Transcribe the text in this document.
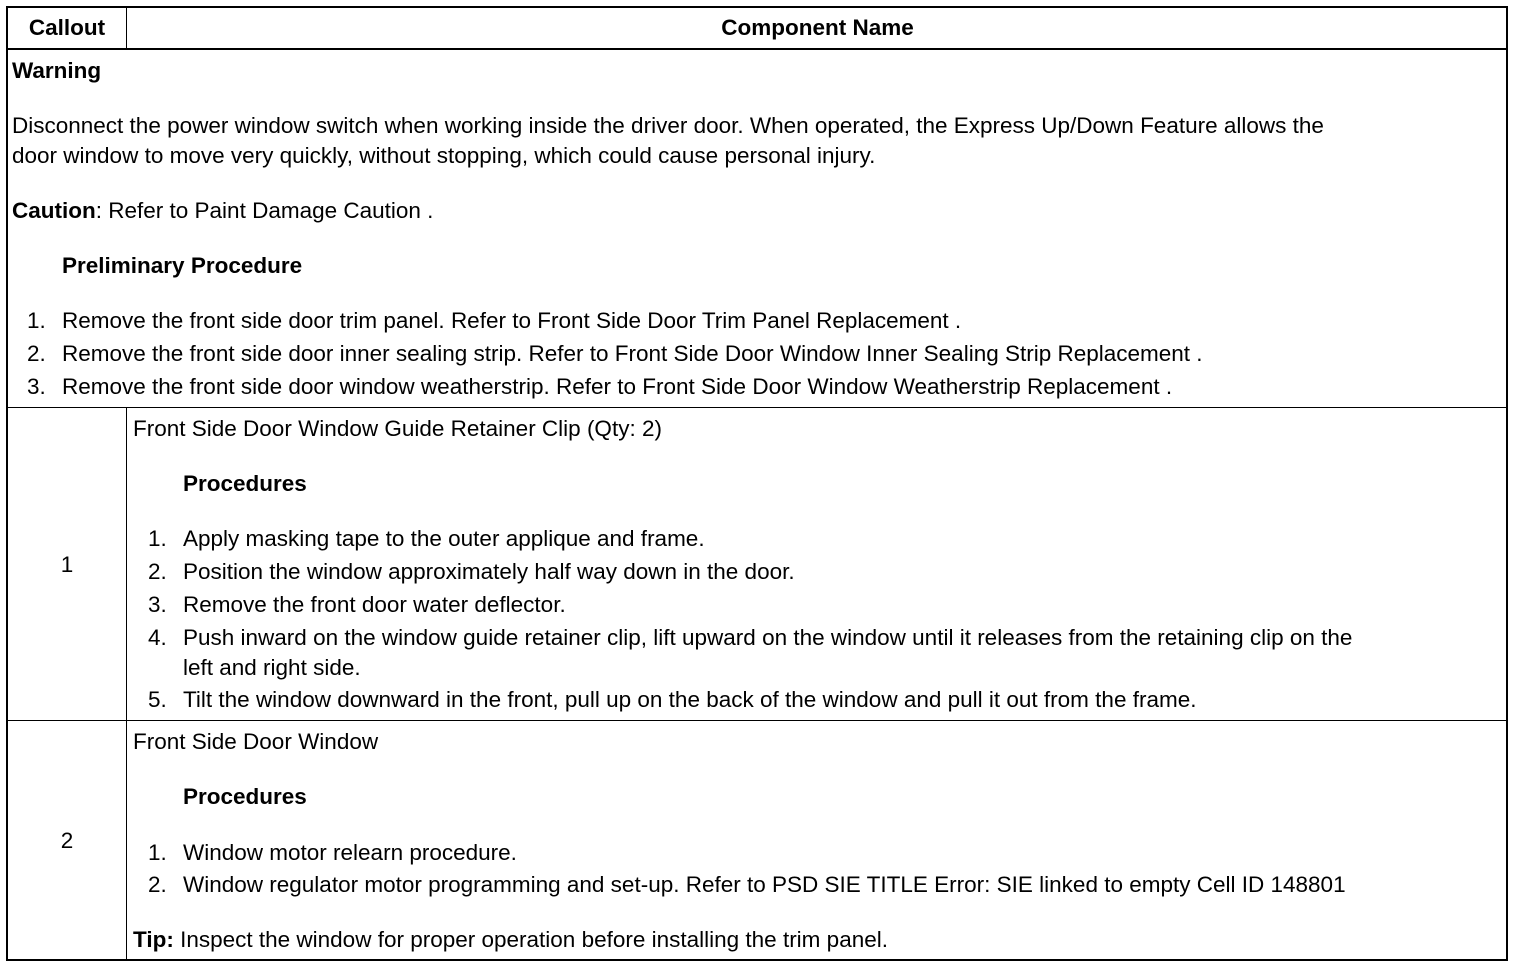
Callout	Component Name
Warning
Disconnect the power window switch when working inside the driver door. When operated, the Express Up/Down Feature allows the
door window to move very quickly, without stopping, which could cause personal injury.
Caution: Refer to Paint Damage Caution .
Preliminary Procedure
1. Remove the front side door trim panel. Refer to Front Side Door Trim Panel Replacement .
2. Remove the front side door inner sealing strip. Refer to Front Side Door Window Inner Sealing Strip Replacement .
3. Remove the front side door window weatherstrip. Refer to Front Side Door Window Weatherstrip Replacement .
1
Front Side Door Window Guide Retainer Clip (Qty: 2)
Procedures
1. Apply masking tape to the outer applique and frame.
2. Position the window approximately half way down in the door.
3. Remove the front door water deflector.
4. Push inward on the window guide retainer clip, lift upward on the window until it releases from the retaining clip on the
left and right side.
5. Tilt the window downward in the front, pull up on the back of the window and pull it out from the frame.
2
Front Side Door Window
Procedures
1. Window motor relearn procedure.
2. Window regulator motor programming and set-up. Refer to PSD SIE TITLE Error: SIE linked to empty Cell ID 148801
Tip: Inspect the window for proper operation before installing the trim panel.
